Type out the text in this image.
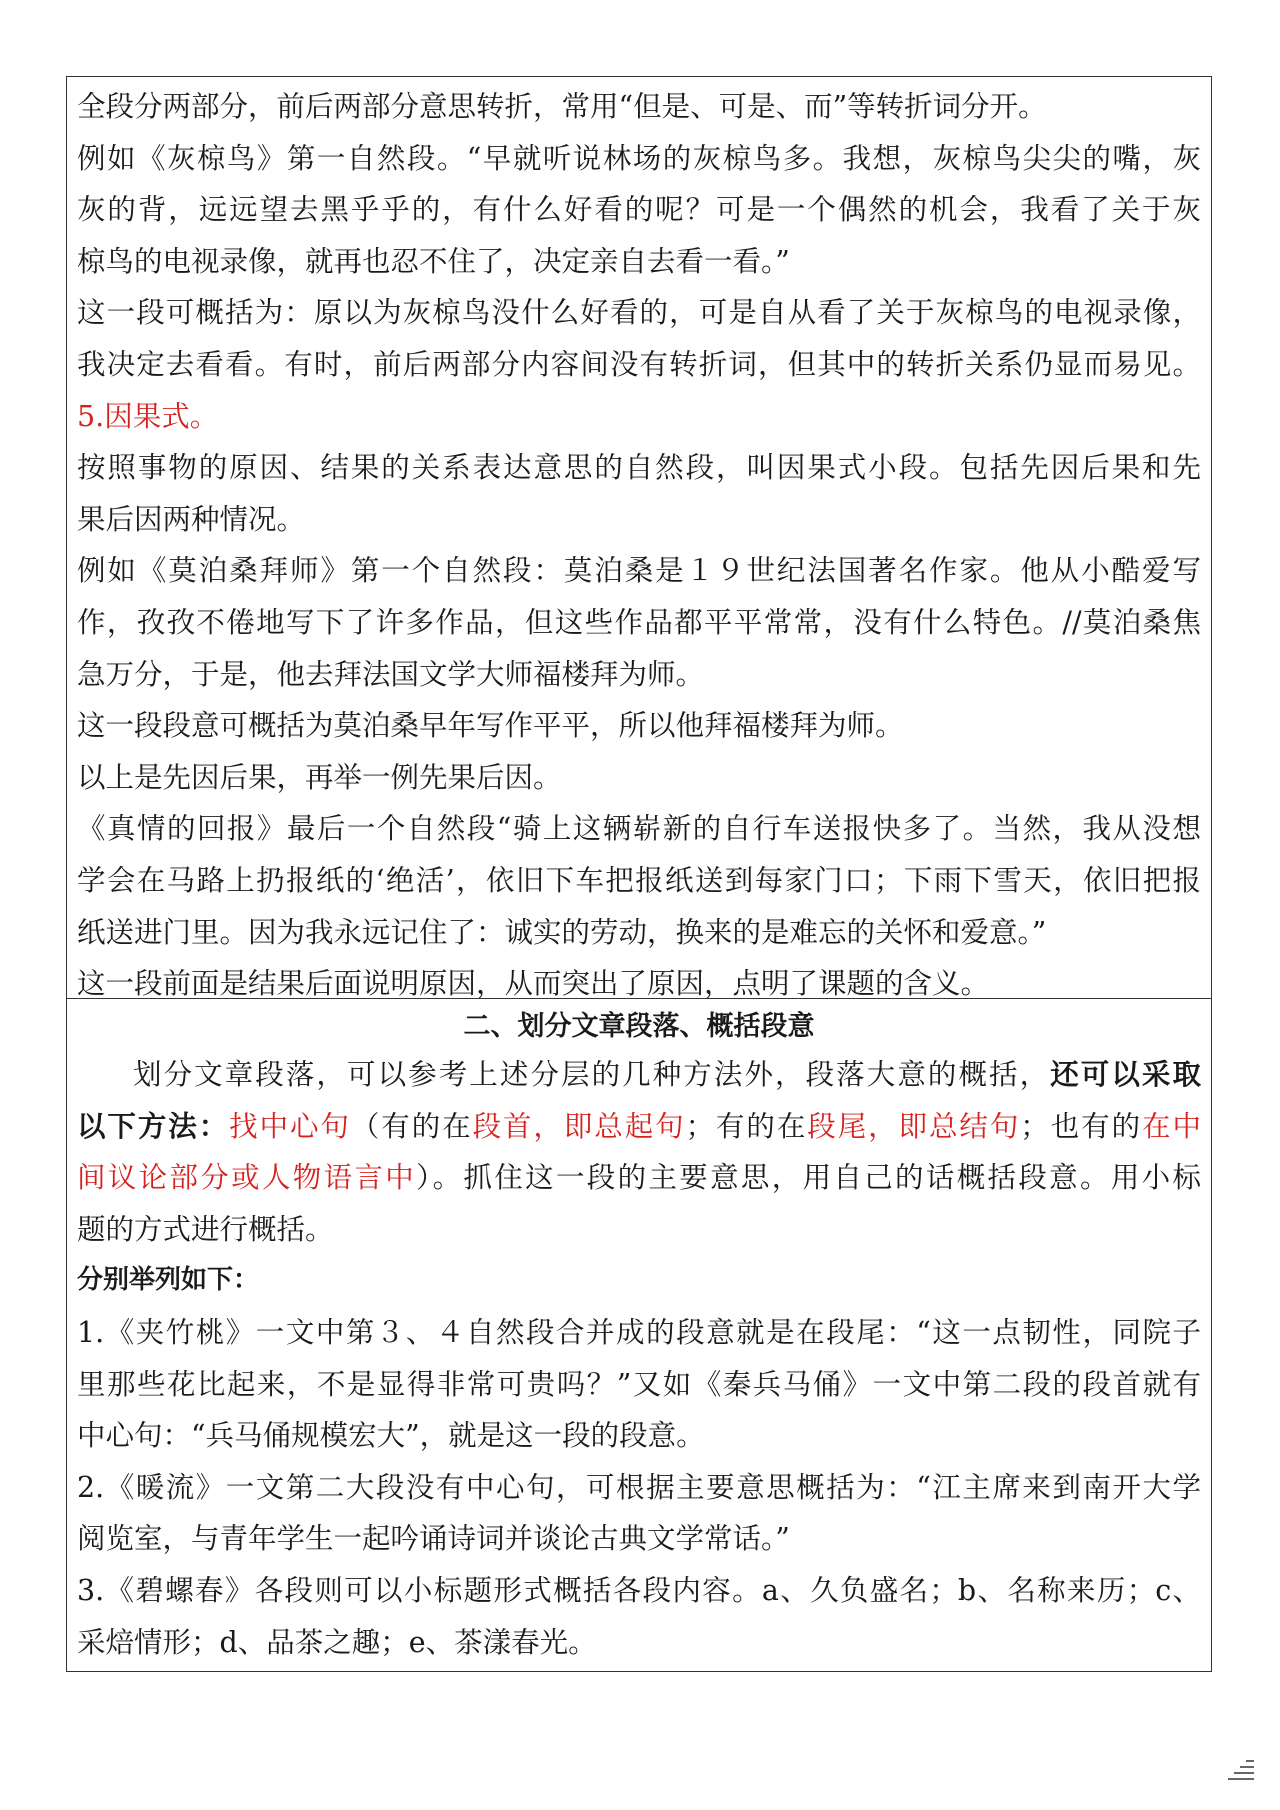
全段分两部分，前后两部分意思转折，常用“但是、可是、而”等转折词分开。
例如《灰椋鸟》第一自然段。“早就听说林场的灰椋鸟多。我想，灰椋鸟尖尖的嘴，灰
灰的背，远远望去黑乎乎的，有什么好看的呢？可是一个偶然的机会，我看了关于灰
椋鸟的电视录像，就再也忍不住了，决定亲自去看一看。”
这一段可概括为：原以为灰椋鸟没什么好看的，可是自从看了关于灰椋鸟的电视录像，
我决定去看看。有时，前后两部分内容间没有转折词，但其中的转折关系仍显而易见。
5.因果式。
按照事物的原因、结果的关系表达意思的自然段，叫因果式小段。包括先因后果和先
果后因两种情况。
例如《莫泊桑拜师》第一个自然段：莫泊桑是１９世纪法国著名作家。他从小酷爱写
作，孜孜不倦地写下了许多作品，但这些作品都平平常常，没有什么特色。//莫泊桑焦
急万分，于是，他去拜法国文学大师福楼拜为师。
这一段段意可概括为莫泊桑早年写作平平，所以他拜福楼拜为师。
以上是先因后果，再举一例先果后因。
《真情的回报》最后一个自然段“骑上这辆崭新的自行车送报快多了。当然，我从没想
学会在马路上扔报纸的‘绝活’，依旧下车把报纸送到每家门口；下雨下雪天，依旧把报
纸送进门里。因为我永远记住了：诚实的劳动，换来的是难忘的关怀和爱意。”
这一段前面是结果后面说明原因，从而突出了原因，点明了课题的含义。
二、划分文章段落、概括段意
划分文章段落，可以参考上述分层的几种方法外，段落大意的概括，还可以采取
以下方法：找中心句（有的在段首，即总起句；有的在段尾，即总结句；也有的在中
间议论部分或人物语言中）。抓住这一段的主要意思，用自己的话概括段意。用小标
题的方式进行概括。
分别举列如下：
1.《夹竹桃》一文中第３、４自然段合并成的段意就是在段尾：“这一点韧性，同院子
里那些花比起来，不是显得非常可贵吗？”又如《秦兵马俑》一文中第二段的段首就有
中心句：“兵马俑规模宏大”，就是这一段的段意。
2.《暖流》一文第二大段没有中心句，可根据主要意思概括为：“江主席来到南开大学
阅览室，与青年学生一起吟诵诗词并谈论古典文学常话。”
3.《碧螺春》各段则可以小标题形式概括各段内容。a、久负盛名；b、名称来历；c、
采焙情形；d、品茶之趣；e、茶漾春光。
